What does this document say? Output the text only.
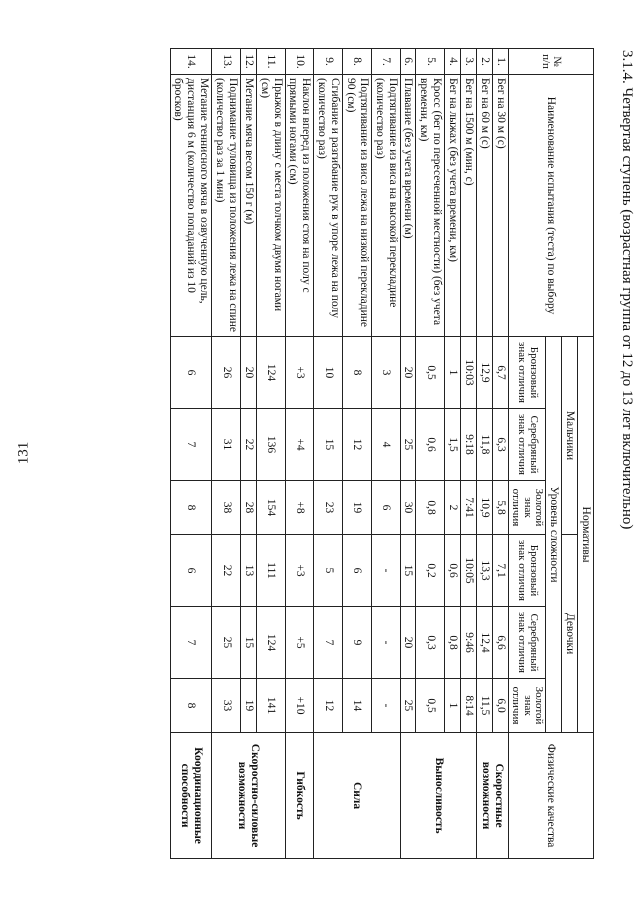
131	3.1.4. Четвертая ступень (возрастная группа от 12 до 13 лет включительно)
№ п/п	Наименование испытания (теста) по выбору	Нормативы						Физические качества
		Мальчики			Девочки			
		Уровень сложности						
		Бронзовый знак отличия	Серебряный знак отличия	Золотой знак отличия	Бронзовый знак отличия	Серебряный знак отличия	Золотой знак отличия	
1.	Бег на 30 м (с)	6,7	6,3	5,8	7,1	6,6	6,0	Скоростные возможности
2.	Бег на 60 м (с)	12,9	11,8	10,9	13,3	12,4	11,5	
3.	Бег на 1500 м (мин, с)	10:03	9:18	7:41	10:05	9:46	8:14	Выносливость
4.	Бег на лыжах (без учета времени, км)	1	1,5	2	0,6	0,8	1	
5.	Кросс (бег по пересеченной местности) (без учета времени, км)	0,5	0,6	0,8	0,2	0,3	0,5	
6.	Плавание (без учета времени (м)	20	25	30	15	20	25	
7.	Подтягивание из виса на высокой перекладине (количество раз)	3	4	6	-	-	-	Сила
8.	Подтягивание из виса лежа на низкой перекладине 90 (см)	8	12	19	6	9	14	
9.	Сгибание и разгибание рук в упоре лежа на полу (количество раз)	10	15	23	5	7	12	
10.	Наклон вперед из положения стоя на полу с прямыми ногами (см)	+3	+4	+8	+3	+5	+10	Гибкость
11.	Прыжок в длину с места толчком двумя ногами (см)	124	136	154	111	124	141	Скоростно-силовые возможности
12.	Метание мяча весом 150 г (м)	20	22	28	13	15	19	
13.	Поднимание туловища из положения лежа на спине (количество раз за 1 мин)	26	31	38	22	25	33	
14.	Метание теннисного мяча в озвученную цель, дистанция 6 м (количество попаданий из 10 бросков)	6	7	8	6	7	8	Координационные способности
